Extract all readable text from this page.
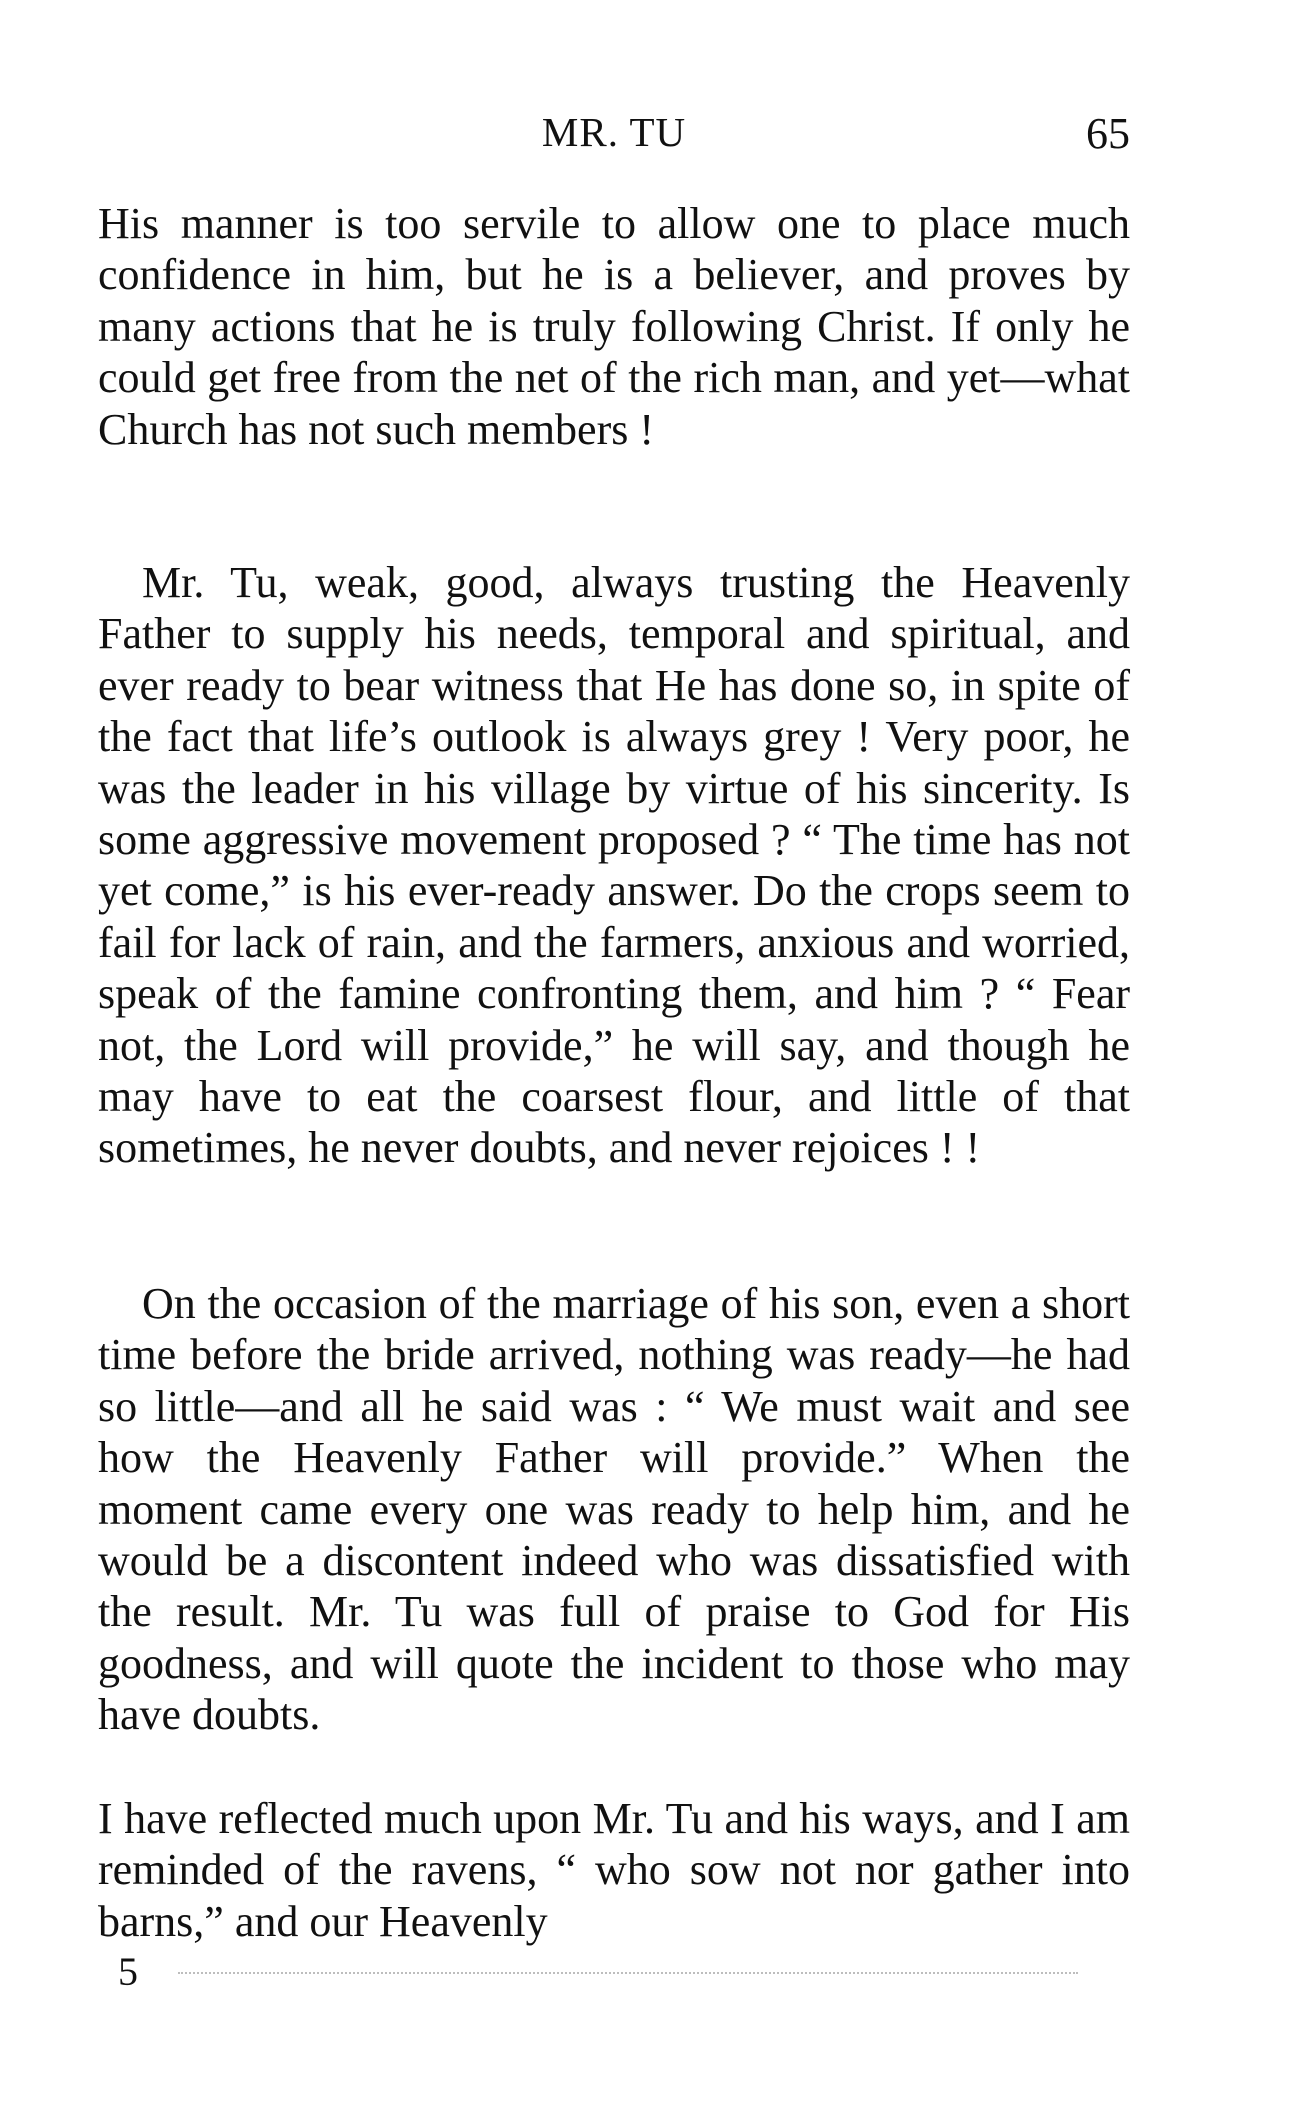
MR. TU	65

His manner is too servile to allow one to place much confidence in him, but he is a believer, and proves by many actions that he is truly following Christ. If only he could get free from the net of the rich man, and yet—what Church has not such members !

Mr. Tu, weak, good, always trusting the Heavenly Father to supply his needs, temporal and spiritual, and ever ready to bear witness that He has done so, in spite of the fact that life’s outlook is always grey ! Very poor, he was the leader in his village by virtue of his sincerity. Is some aggressive movement proposed ? “ The time has not yet come,” is his ever-ready answer. Do the crops seem to fail for lack of rain, and the farmers, anxious and worried, speak of the famine confronting them, and him ? “ Fear not, the Lord will provide,” he will say, and though he may have to eat the coarsest flour, and little of that sometimes, he never doubts, and never rejoices ! !

On the occasion of the marriage of his son, even a short time before the bride arrived, nothing was ready—he had so little—and all he said was : “ We must wait and see how the Heavenly Father will provide.” When the moment came every one was ready to help him, and he would be a discontent indeed who was dissatisfied with the result. Mr. Tu was full of praise to God for His goodness, and will quote the incident to those who may have doubts.

I have reflected much upon Mr. Tu and his ways, and I am reminded of the ravens, “ who sow not nor gather into barns,” and our Heavenly

5
